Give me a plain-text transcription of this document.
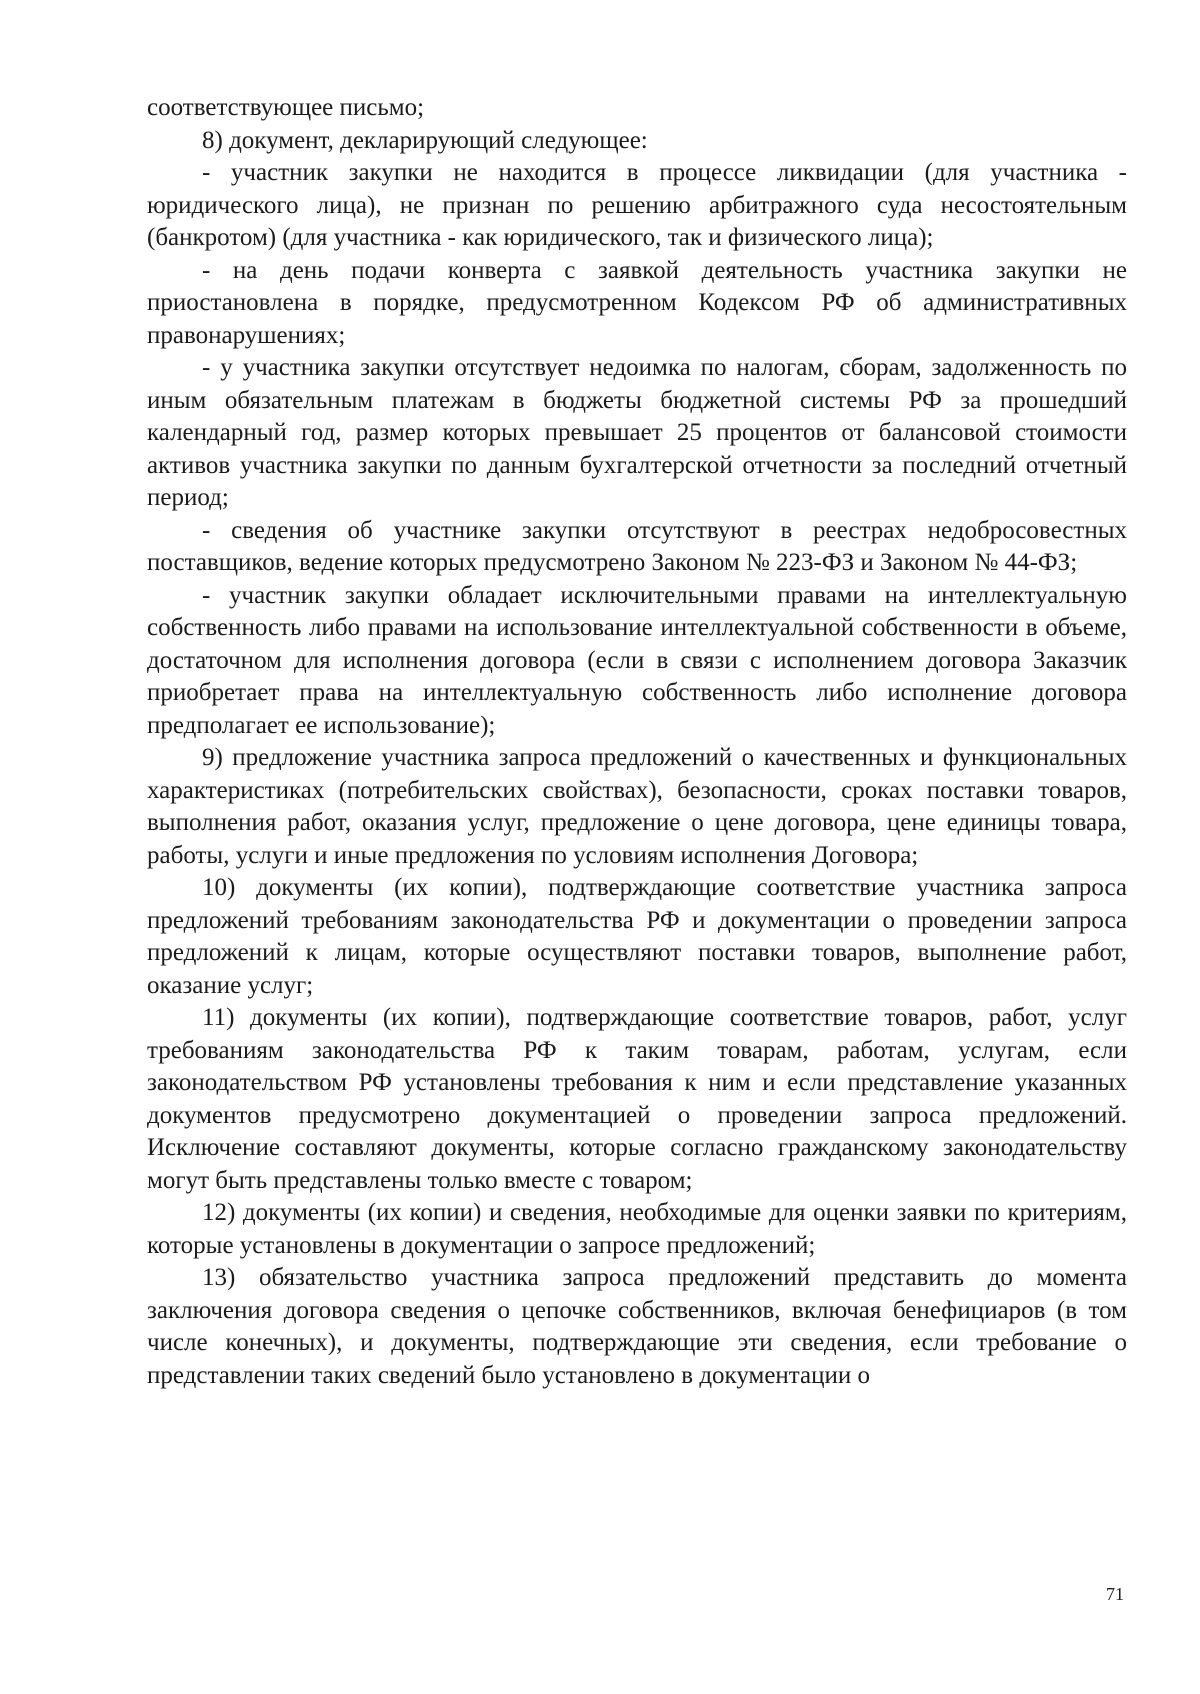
соответствующее письмо;

8) документ, декларирующий следующее:

- участник закупки не находится в процессе ликвидации (для участника - юридического лица), не признан по решению арбитражного суда несостоятельным (банкротом) (для участника - как юридического, так и физического лица);

- на день подачи конверта с заявкой деятельность участника закупки не приостановлена в порядке, предусмотренном Кодексом РФ об административных правонарушениях;

- у участника закупки отсутствует недоимка по налогам, сборам, задолженность по иным обязательным платежам в бюджеты бюджетной системы РФ за прошедший календарный год, размер которых превышает 25 процентов от балансовой стоимости активов участника закупки по данным бухгалтерской отчетности за последний отчетный период;

- сведения об участнике закупки отсутствуют в реестрах недобросовестных поставщиков, ведение которых предусмотрено Законом № 223-ФЗ и Законом № 44-ФЗ;

- участник закупки обладает исключительными правами на интеллектуальную собственность либо правами на использование интеллектуальной собственности в объеме, достаточном для исполнения договора (если в связи с исполнением договора Заказчик приобретает права на интеллектуальную собственность либо исполнение договора предполагает ее использование);

9) предложение участника запроса предложений о качественных и функциональных характеристиках (потребительских свойствах), безопасности, сроках поставки товаров, выполнения работ, оказания услуг, предложение о цене договора, цене единицы товара, работы, услуги и иные предложения по условиям исполнения Договора;

10) документы (их копии), подтверждающие соответствие участника запроса предложений требованиям законодательства РФ и документации о проведении запроса предложений к лицам, которые осуществляют поставки товаров, выполнение работ, оказание услуг;

11) документы (их копии), подтверждающие соответствие товаров, работ, услуг требованиям законодательства РФ к таким товарам, работам, услугам, если законодательством РФ установлены требования к ним и если представление указанных документов предусмотрено документацией о проведении запроса предложений. Исключение составляют документы, которые согласно гражданскому законодательству могут быть представлены только вместе с товаром;

12) документы (их копии) и сведения, необходимые для оценки заявки по критериям, которые установлены в документации о запросе предложений;

13) обязательство участника запроса предложений представить до момента заключения договора сведения о цепочке собственников, включая бенефициаров (в том числе конечных), и документы, подтверждающие эти сведения, если требование о представлении таких сведений было установлено в документации о

71
